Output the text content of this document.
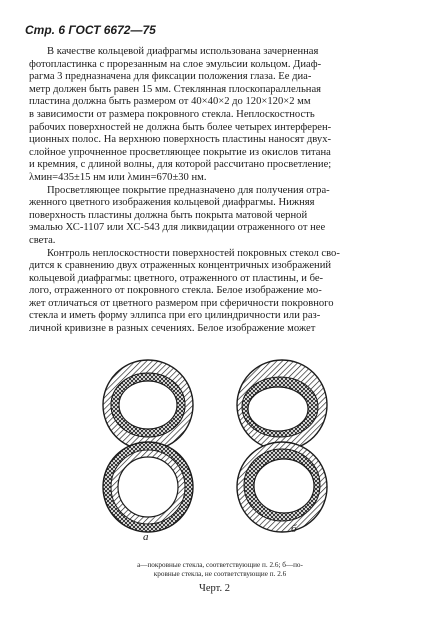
Стр. 6 ГОСТ 6672—75

В качестве кольцевой диафрагмы использована зачерненная
фотопластинка с прорезанным на слое эмульсии кольцом. Диаф-
рагма 3 предназначена для фиксации положения глаза. Ее диа-
метр должен быть равен 15 мм. Стеклянная плоскопараллельная
пластина должна быть размером от 40×40×2 до 120×120×2 мм
в зависимости от размера покровного стекла. Неплоскостность
рабочих поверхностей не должна быть более четырех интерферен-
ционных полос. На верхнюю поверхность пластины наносят двух-
слойное упрочненное просветляющее покрытие из окислов титана
и кремния, с длиной волны, для которой рассчитано просветление;
λмин=435±15 нм или λмин=670±30 нм.

Просветляющее покрытие предназначено для получения отра-
женного цветного изображения кольцевой диафрагмы. Нижняя
поверхность пластины должна быть покрыта матовой черной
эмалью ХС-1107 или ХС-543 для ликвидации отраженного от нее
света.

Контроль неплоскостности поверхностей покровных стекол сво-
дится к сравнению двух отраженных концентричных изображений
кольцевой диафрагмы: цветного, отраженного от пластины, и бе-
лого, отраженного от покровного стекла. Белое изображение мо-
жет отличаться от цветного размером при сферичности покровного
стекла и иметь форму эллипса при его цилиндричности или раз-
личной кривизне в разных сечениях. Белое изображение может

а
б
а—покровные стекла, соответствующие п. 2.6; б—по-
кровные стекла, не соответствующие п. 2.6
Черт. 2
